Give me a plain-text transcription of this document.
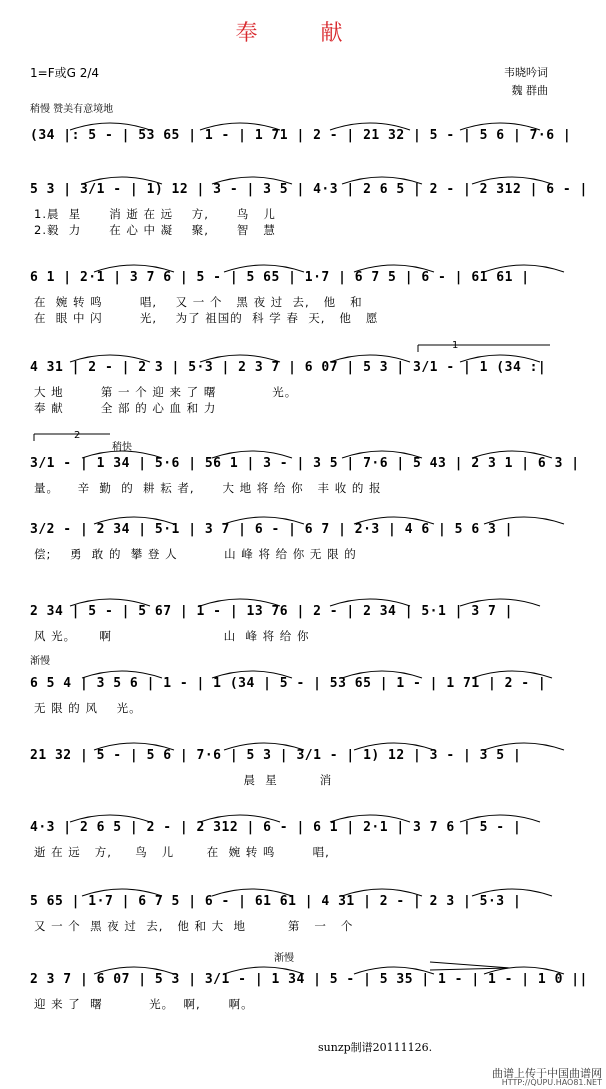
奉 献
1=F或G 2/4	韦晓吟词
魏 群曲
稍慢 赞美有意境地
(34 |: 5 - | 53 65 | 1 - | 1 71 | 2 - | 21 32 | 5 - | 5 6 | 7·6 |
5 3 | 3/1 - | 1) 12 | 3 - | 3 5 | 4·3 | 2 6 5 | 2 - | 2 312 | 6 - |
1.晨  星      消 逝 在 远    方,      鸟   儿
2.毅  力      在 心 中 凝    聚,      智   慧
6 1 | 2·1 | 3 7 6 | 5 - | 5 65 | 1·7 | 6 7 5 | 6 - | 61 61 |
在  婉 转 鸣        唱,    又 一 个   黑 夜 过  去,   他   和
在  眼 中 闪        光,    为了 祖国的  科 学 春  天,   他   愿
4 31 | 2 - | 2 3 | 5·3 | 2 3 7 | 6 07 | 5 3 | 3/1 - | 1 (34 :|
大 地        第 一 个 迎 来 了 曙            光。
奉 献        全 部 的 心 血 和 力
3/1 - | 1 34 | 5·6 | 56 1 | 3 - | 3 5 | 7·6 | 5 43 | 2 3 1 | 6 3 |
量。    辛  勤  的  耕 耘 者,      大 地 将 给 你   丰 收 的 报
3/2 - | 2 34 | 5·1 | 3 7 | 6 - | 6 7 | 2·3 | 4 6 | 5 6 3 |
偿;    勇  敢 的  攀 登 人          山 峰 将 给 你 无 限 的
2 34 | 5 - | 5 67 | 1 - | 13 76 | 2 - | 2 34 | 5·1 | 3 7 |
风 光。     啊                        山  峰 将 给 你
6 5 4 | 3 5 6 | 1 - | 1 (34 | 5 - | 53 65 | 1 - | 1 71 | 2 - |
无 限 的 风    光。
21 32 | 5 - | 5 6 | 7·6 | 5 3 | 3/1 - | 1) 12 | 3 - | 3 5 |
晨  星         消
4·3 | 2 6 5 | 2 - | 2 312 | 6 - | 6 1 | 2·1 | 3 7 6 | 5 - |
逝 在 远   方,     鸟   儿       在  婉 转 鸣        唱,
5 65 | 1·7 | 6 7 5 | 6 - | 61 61 | 4 31 | 2 - | 2 3 | 5·3 |
又 一 个  黑 夜 过  去,   他 和 大  地         第   一   个
2 3 7 | 6 07 | 5 3 | 3/1 - | 1 34 | 5 - | 5 35 | 1 - | 1 - | 1 0 ||
迎 来 了  曙          光。  啊,      啊。
1
2
稍快
渐慢
渐慢
sunzp制谱20111126.
曲谱上传于中国曲谱网
HTTP://QUPU.HAO81.NET
